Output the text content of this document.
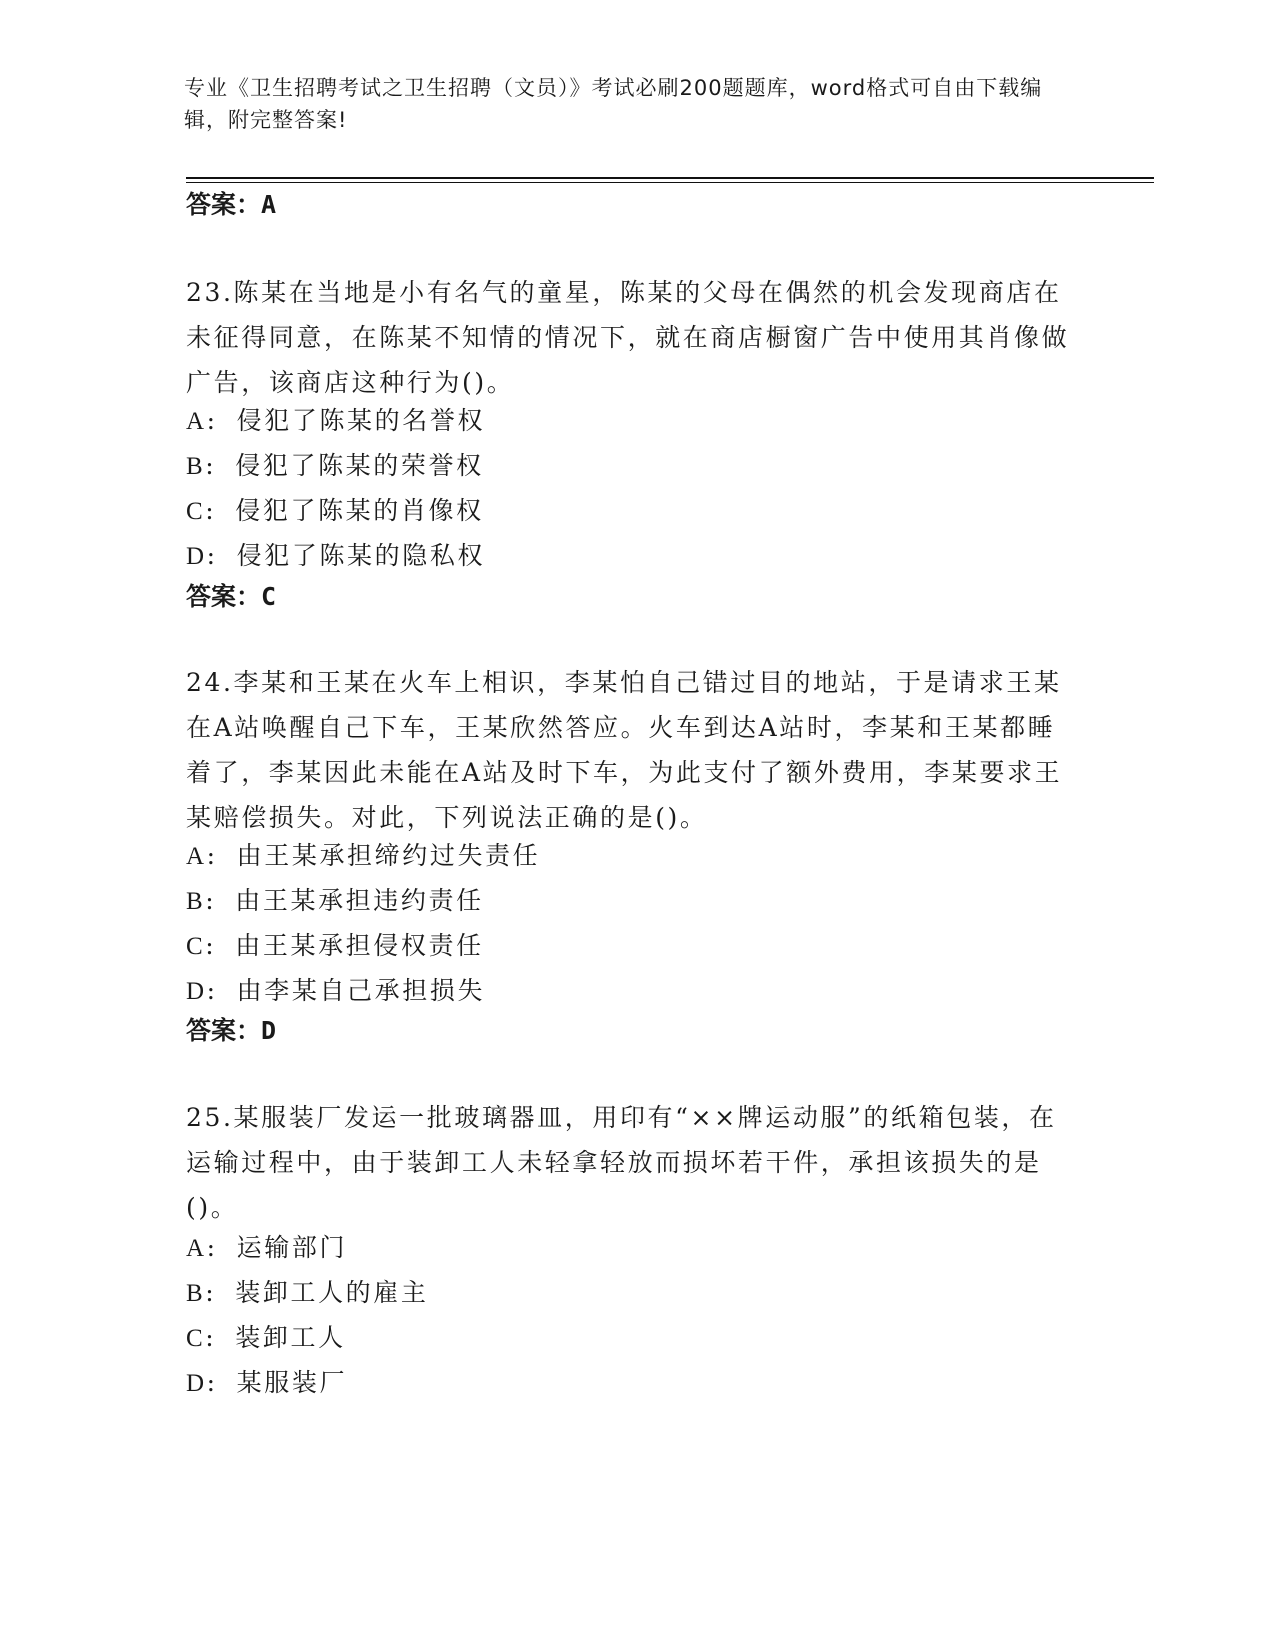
专业《卫生招聘考试之卫生招聘（文员）》考试必刷200题题库，word格式可自由下载编辑，附完整答案!
答案：A
23.陈某在当地是小有名气的童星，陈某的父母在偶然的机会发现商店在未征得同意，在陈某不知情的情况下，就在商店橱窗广告中使用其肖像做广告，该商店这种行为()。
A: 侵犯了陈某的名誉权
B: 侵犯了陈某的荣誉权
C: 侵犯了陈某的肖像权
D: 侵犯了陈某的隐私权
答案：C
24.李某和王某在火车上相识，李某怕自己错过目的地站，于是请求王某在A站唤醒自己下车，王某欣然答应。火车到达A站时，李某和王某都睡着了，李某因此未能在A站及时下车，为此支付了额外费用，李某要求王某赔偿损失。对此，下列说法正确的是()。
A: 由王某承担缔约过失责任
B: 由王某承担违约责任
C: 由王某承担侵权责任
D: 由李某自己承担损失
答案：D
25.某服装厂发运一批玻璃器皿，用印有“××牌运动服”的纸箱包装，在运输过程中，由于装卸工人未轻拿轻放而损坏若干件，承担该损失的是()。
A: 运输部门
B: 装卸工人的雇主
C: 装卸工人
D: 某服装厂
